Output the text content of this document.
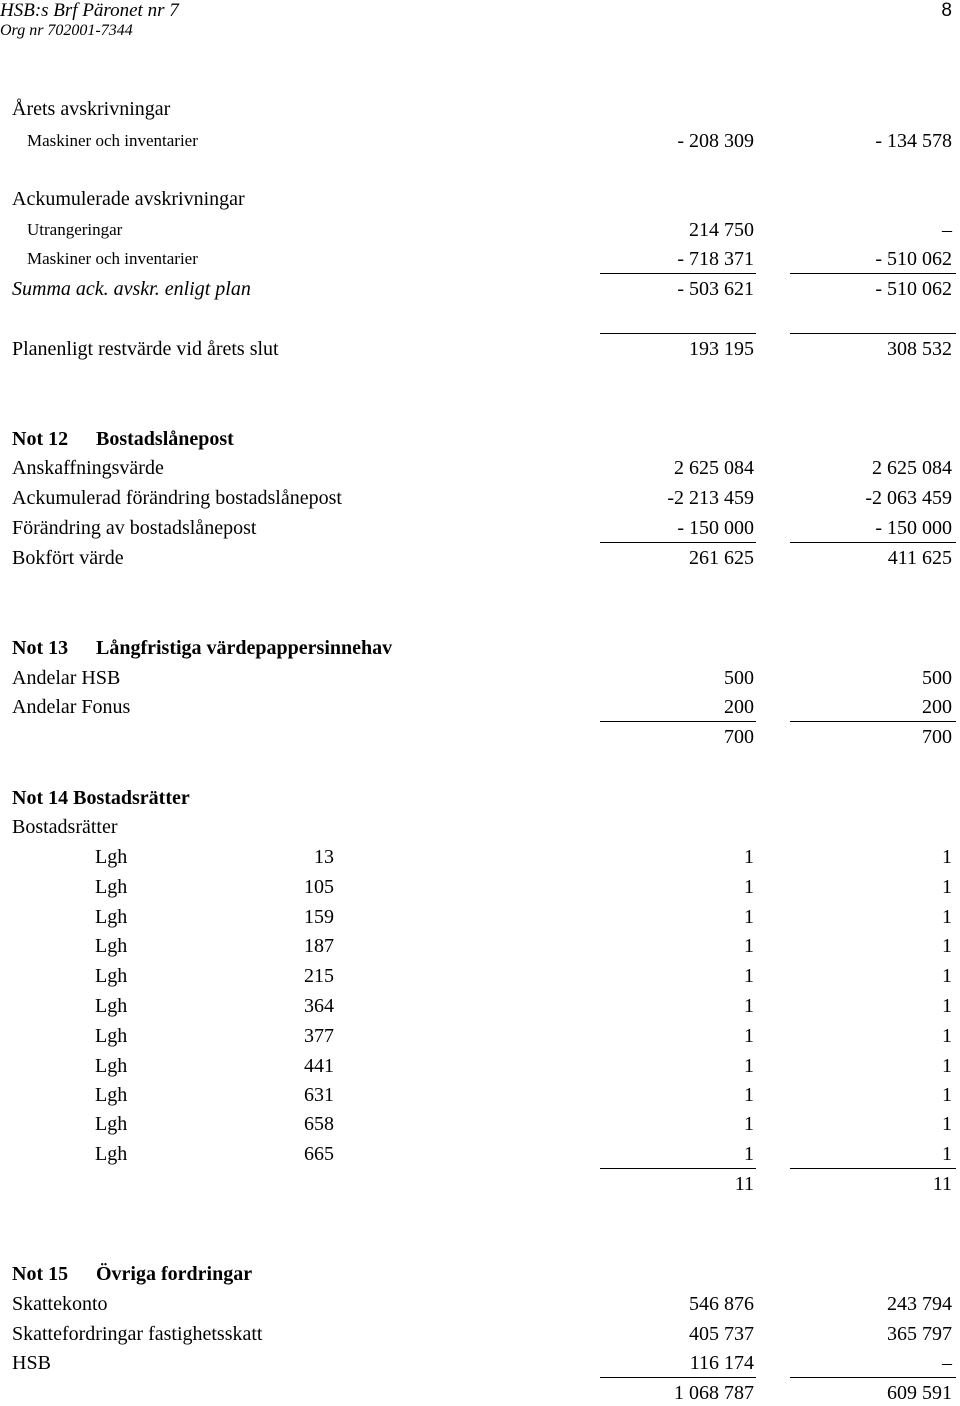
HSB:s Brf Päronet nr 7
Org nr 702001-7344
8
Årets avskrivningar
Maskiner och inventarier	- 208 309	- 134 578
Ackumulerade avskrivningar
Utrangeringar	214 750	–
Maskiner och inventarier	- 718 371	- 510 062
Summa ack. avskr. enligt plan	- 503 621	- 510 062
Planenligt restvärde vid årets slut	193 195	308 532
Not 12 Bostadslånepost
Anskaffningsvärde	2 625 084	2 625 084
Ackumulerad förändring bostadslånepost	-2 213 459	-2 063 459
Förändring av bostadslånepost	- 150 000	- 150 000
Bokfört värde	261 625	411 625
Not 13 Långfristiga värdepappersinnehav
Andelar HSB	500	500
Andelar Fonus	200	200
700	700
Not 14 Bostadsrätter
Bostadsrätter
Lgh	13	1	1
Lgh	105	1	1
Lgh	159	1	1
Lgh	187	1	1
Lgh	215	1	1
Lgh	364	1	1
Lgh	377	1	1
Lgh	441	1	1
Lgh	631	1	1
Lgh	658	1	1
Lgh	665	1	1
11	11
Not 15 Övriga fordringar
Skattekonto	546 876	243 794
Skattefordringar fastighetsskatt	405 737	365 797
HSB	116 174	–
1 068 787	609 591
